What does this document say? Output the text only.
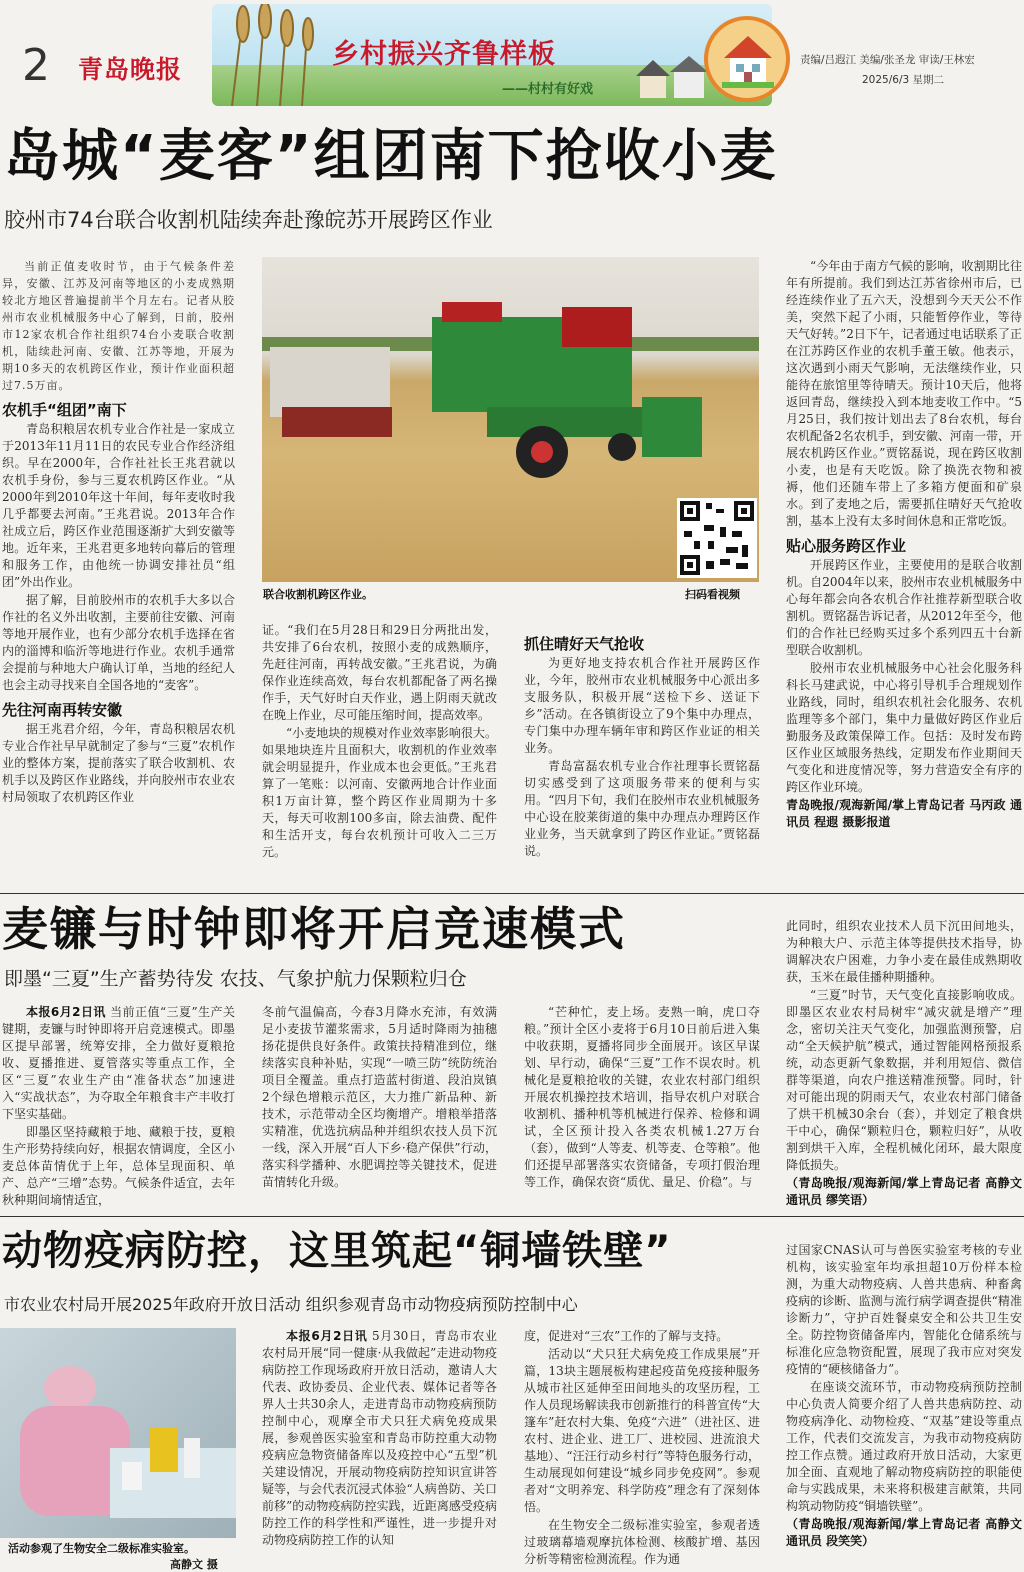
2 青岛晚报	乡村振兴齐鲁样板
——村村有好戏
责编/吕遐江 美编/张圣龙 审读/王林宏
2025/6/3 星期二
岛城“麦客”组团南下抢收小麦
胶州市74台联合收割机陆续奔赴豫皖苏开展跨区作业

当前正值麦收时节，由于气候条件差异，安徽、江苏及河南等地区的小麦成熟期较北方地区普遍提前半个月左右。记者从胶州市农业机械服务中心了解到，日前，胶州市12家农机合作社组织74台小麦联合收割机，陆续赴河南、安徽、江苏等地，开展为期10多天的农机跨区作业，预计作业面积超过7.5万亩。

农机手“组团”南下

青岛积粮居农机专业合作社是一家成立于2013年11月11日的农民专业合作经济组织。早在2000年，合作社社长王兆君就以农机手身份，参与三夏农机跨区作业。“从2000年到2010年这十年间，每年麦收时我几乎都要去河南。”王兆君说。2013年合作社成立后，跨区作业范围逐渐扩大到安徽等地。近年来，王兆君更多地转向幕后的管理和服务工作，由他统一协调安排社员“组团”外出作业。

据了解，目前胶州市的农机手大多以合作社的名义外出收割，主要前往安徽、河南等地开展作业，也有少部分农机手选择在省内的淄博和临沂等地进行作业。农机手通常会提前与种地大户确认订单，当地的经纪人也会主动寻找来自全国各地的“麦客”。

先往河南再转安徽

据王兆君介绍，今年，青岛积粮居农机专业合作社早早就制定了参与“三夏”农机作业的整体方案，提前落实了联合收割机、农机手以及跨区作业路线，并向胶州市农业农村局领取了农机跨区作业

联合收割机跨区作业。	扫码看视频

证。“我们在5月28日和29日分两批出发，共安排了6台农机，按照小麦的成熟顺序，先赶往河南，再转战安徽。”王兆君说，为确保作业连续高效，每台农机都配备了两名操作手，天气好时白天作业，遇上阴雨天就改在晚上作业，尽可能压缩时间，提高效率。

“小麦地块的规模对作业效率影响很大。如果地块连片且面积大，收割机的作业效率就会明显提升，作业成本也会更低。”王兆君算了一笔账：以河南、安徽两地合计作业面积1万亩计算，整个跨区作业周期为十多天，每天可收割100多亩，除去油费、配件和生活开支，每台农机预计可收入二三万元。

抓住晴好天气抢收

为更好地支持农机合作社开展跨区作业，今年，胶州市农业机械服务中心派出多支服务队，积极开展“送检下乡、送证下乡”活动。在各镇街设立了9个集中办理点，专门集中办理车辆年审和跨区作业证的相关业务。

青岛富磊农机专业合作社理事长贾铭磊切实感受到了这项服务带来的便利与实用。“四月下旬，我们在胶州市农业机械服务中心设在胶莱街道的集中办理点办理跨区作业业务，当天就拿到了跨区作业证。”贾铭磊说。

“今年由于南方气候的影响，收割期比往年有所提前。我们到达江苏省徐州市后，已经连续作业了五六天，没想到今天天公不作美，突然下起了小雨，只能暂停作业，等待天气好转。”2日下午，记者通过电话联系了正在江苏跨区作业的农机手董王敏。他表示，这次遇到小雨天气影响，无法继续作业，只能待在旅馆里等待晴天。预计10天后，他将返回青岛，继续投入到本地麦收工作中。“5月25日，我们按计划出去了8台农机，每台农机配备2名农机手，到安徽、河南一带，开展农机跨区作业。”贾铭磊说，现在跨区收割小麦，也是有天吃饭。除了换洗衣物和被褥，他们还随车带上了多箱方便面和矿泉水。到了麦地之后，需要抓住晴好天气抢收割，基本上没有太多时间休息和正常吃饭。

贴心服务跨区作业

开展跨区作业，主要使用的是联合收割机。自2004年以来，胶州市农业机械服务中心每年都会向各农机合作社推荐新型联合收割机。贾铭磊告诉记者，从2012年至今，他们的合作社已经购买过多个系列四五十台新型联合收割机。

胶州市农业机械服务中心社会化服务科科长马建武说，中心将引导机手合理规划作业路线，同时，组织农机社会化服务、农机监理等多个部门，集中力量做好跨区作业后勤服务及政策保障工作。包括：及时发布跨区作业区域服务热线，定期发布作业期间天气变化和进度情况等，努力营造安全有序的跨区作业环境。

青岛晚报/观海新闻/掌上青岛记者 马丙政 通讯员 程遐 摄影报道

麦镰与时钟即将开启竞速模式
即墨“三夏”生产蓄势待发 农技、气象护航力保颗粒归仓

本报6月2日讯 当前正值“三夏”生产关键期，麦镰与时钟即将开启竞速模式。即墨区提早部署，统筹安排，全力做好夏粮抢收、夏播推进、夏管落实等重点工作，全区“三夏”农业生产由“准备状态”加速进入“实战状态”，为夺取全年粮食丰产丰收打下坚实基础。

即墨区坚持藏粮于地、藏粮于技，夏粮生产形势持续向好，根据农情调度，全区小麦总体苗情优于上年，总体呈现面积、单产、总产“三增”态势。气候条件适宜，去年秋种期间墒情适宜，

冬前气温偏高，今春3月降水充沛，有效满足小麦拔节灌浆需求，5月适时降雨为抽穗扬花提供良好条件。政策扶持精准到位，继续落实良种补贴，实现“一喷三防”统防统治项目全覆盖。重点打造蓝村街道、段泊岚镇2个绿色增粮示范区，大力推广新品种、新技术，示范带动全区均衡增产。增粮举措落实精准，优选抗病品种并组织农技人员下沉一线，深入开展“百人下乡·稳产保供”行动，落实科学播种、水肥调控等关键技术，促进苗情转化升级。

“芒种忙，麦上场。麦熟一晌，虎口夺粮。”预计全区小麦将于6月10日前后进入集中收获期，夏播将同步全面展开。该区早谋划、早行动，确保“三夏”工作不误农时。机械化是夏粮抢收的关键，农业农村部门组织开展农机操控技术培训，指导农机户对联合收割机、播种机等机械进行保养、检修和调试，全区预计投入各类农机械1.27万台（套），做到“人等麦、机等麦、仓等粮”。他们还提早部署落实农资储备，专项打假治理等工作，确保农资“质优、量足、价稳”。与

此同时，组织农业技术人员下沉田间地头，为种粮大户、示范主体等提供技术指导，协调解决农户困难，力争小麦在最佳成熟期收获，玉米在最佳播种期播种。

“三夏”时节，天气变化直接影响收成。即墨区农业农村局树牢“减灾就是增产”理念，密切关注天气变化，加强监测预警，启动“全天候护航”模式，通过智能网格预报系统，动态更新气象数据，并利用短信、微信群等渠道，向农户推送精准预警。同时，针对可能出现的阴雨天气，农业农村部门储备了烘干机械30余台（套），并划定了粮食烘干中心，确保“颗粒归仓，颗粒归好”，从收割到烘干入库，全程机械化闭环，最大限度降低损失。

（青岛晚报/观海新闻/掌上青岛记者 高静文 通讯员 缪笑语）

动物疫病防控，这里筑起“铜墙铁壁”
市农业农村局开展2025年政府开放日活动 组织参观青岛市动物疫病预防控制中心
活动参观了生物安全二级标准实验室。
高静文 摄

本报6月2日讯 5月30日，青岛市农业农村局开展“同一健康·从我做起”走进动物疫病防控工作现场政府开放日活动，邀请人大代表、政协委员、企业代表、媒体记者等各界人士共30余人，走进青岛市动物疫病预防控制中心，观摩全市犬只狂犬病免疫成果展，参观兽医实验室和青岛市防控重大动物疫病应急物资储备库以及疫控中心“五型”机关建设情况，开展动物疫病防控知识宣讲答疑等，与会代表沉浸式体验“人病兽防、关口前移”的动物疫病防控实践，近距离感受疫病防控工作的科学性和严谨性，进一步提升对动物疫病防控工作的认知

度，促进对“三农”工作的了解与支持。

活动以“犬只狂犬病免疫工作成果展”开篇，13块主题展板构建起疫苗免疫接种服务从城市社区延伸至田间地头的攻坚历程，工作人员现场解读我市创新推行的科普宣传“大篷车”赶农村大集、免疫“六进”（进社区、进农村、进企业、进工厂、进校园、进流浪犬基地）、“汪汪行动乡村行”等特色服务行动，生动展现如何建设“城乡同步免疫网”。参观者对“文明养宠、科学防疫”理念有了深刻体悟。

在生物安全二级标准实验室，参观者透过玻璃幕墙观摩抗体检测、核酸扩增、基因分析等精密检测流程。作为通

过国家CNAS认可与兽医实验室考核的专业机构，该实验室年均承担超10万份样本检测，为重大动物疫病、人兽共患病、种畜禽疫病的诊断、监测与流行病学调查提供“精准诊断力”，守护百姓餐桌安全和公共卫生安全。防控物资储备库内，智能化仓储系统与标准化应急物资配置，展现了我市应对突发疫情的“硬核储备力”。

在座谈交流环节，市动物疫病预防控制中心负责人简要介绍了人兽共患病防控、动物疫病净化、动物检疫、“双基”建设等重点工作，代表们交流发言，为我市动物疫病防控工作点赞。通过政府开放日活动，大家更加全面、直观地了解动物疫病防控的职能使命与实践成果，未来将积极建言献策，共同构筑动物防疫“铜墙铁壁”。

（青岛晚报/观海新闻/掌上青岛记者 高静文 通讯员 段笑笑）
